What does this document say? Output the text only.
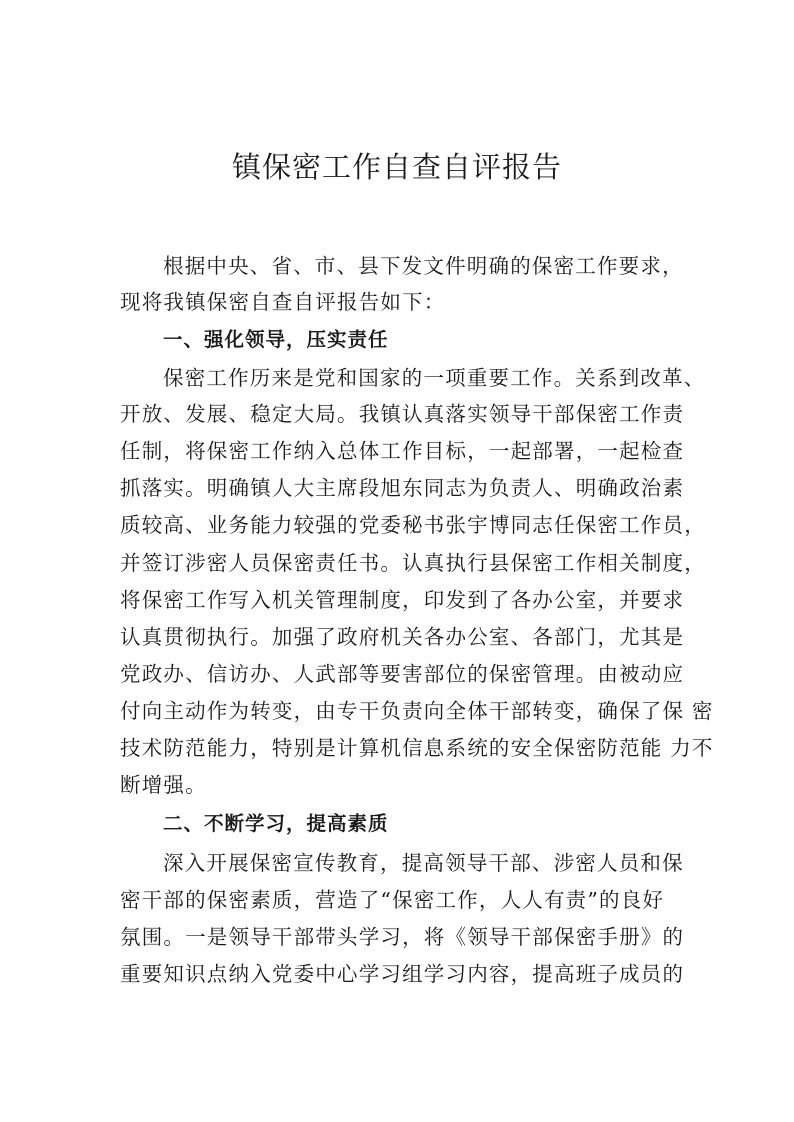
镇保密工作自查自评报告
根据中央、省、市、县下发文件明确的保密工作要求，
现将我镇保密自查自评报告如下：
一、强化领导，压实责任
保密工作历来是党和国家的一项重要工作。关系到改革、
开放、发展、稳定大局。我镇认真落实领导干部保密工作责
任制，将保密工作纳入总体工作目标，一起部署，一起检查
抓落实。明确镇人大主席段旭东同志为负责人、明确政治素
质较高、业务能力较强的党委秘书张宇博同志任保密工作员，
并签订涉密人员保密责任书。认真执行县保密工作相关制度，
将保密工作写入机关管理制度，印发到了各办公室，并要求
认真贯彻执行。加强了政府机关各办公室、各部门，尤其是
党政办、信访办、人武部等要害部位的保密管理。由被动应
付向主动作为转变，由专干负责向全体干部转变，确保了保 密
技术防范能力，特别是计算机信息系统的安全保密防范能 力不
断增强。
二、不断学习，提高素质
深入开展保密宣传教育，提高领导干部、涉密人员和保
密干部的保密素质，营造了“保密工作，人人有责”的良好
氛围。一是领导干部带头学习，将《领导干部保密手册》的
重要知识点纳入党委中心学习组学习内容，提高班子成员的
